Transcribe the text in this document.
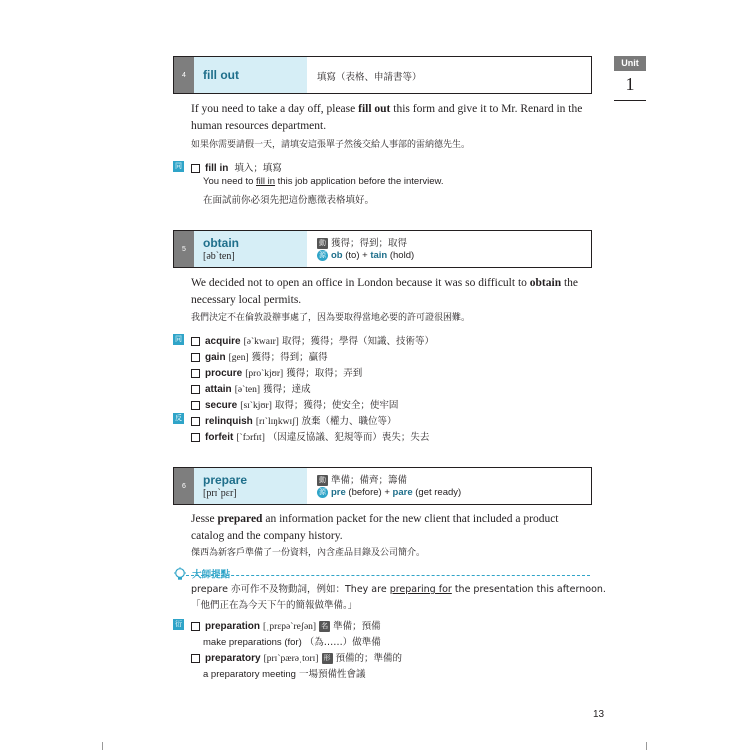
Unit
1
4	fill out	填寫（表格、申請書等）
If you need to take a day off, please fill out this form and give it to Mr. Renard in the human resources department.
如果你需要請假一天，請填安這張單子然後交給人事部的雷納德先生。
同	fill in 填入；填寫
You need to fill in this job application before the interview.
在面試前你必須先把這份應徵表格填好。
5	obtain
[əbˋten]
動 獲得；得到；取得
源 ob (to) + tain (hold)
We decided not to open an office in London because it was so difficult to obtain the necessary local permits.
我們決定不在倫敦設辦事處了，因為要取得當地必要的許可證很困難。
同	acquire [əˋkwaɪr] 取得；獲得；學得（知識、技術等）
gain [gen] 獲得；得到；贏得
procure [proˋkjʊr] 獲得；取得；弄到
attain [əˋten] 獲得；達成
secure [sɪˋkjʊr] 取得；獲得；使安全；使牢固
反	relinquish [rɪˋlɪŋkwɪʃ] 放棄（權力、職位等）
forfeit [ˋfɔrfɪt] （因違反協議、犯規等而）喪失；失去
6	prepare
[prɪˋpɛr]
動 準備；備齊；籌備
源 pre (before) + pare (get ready)
Jesse prepared an information packet for the new client that included a product catalog and the company history.
傑西為新客戶準備了一份資料，內含產品目錄及公司簡介。
大師提點
prepare 亦可作不及物動詞，例如：They are preparing for the presentation this afternoon.
「他們正在為今天下午的簡報做準備。」
衍	preparation [ˌprɛpəˋreʃən] 名 準備；預備
make preparations (for) （為……）做準備
preparatory [prɪˋpærəˌtorɪ] 形 預備的；準備的
a preparatory meeting 一場預備性會議
13
